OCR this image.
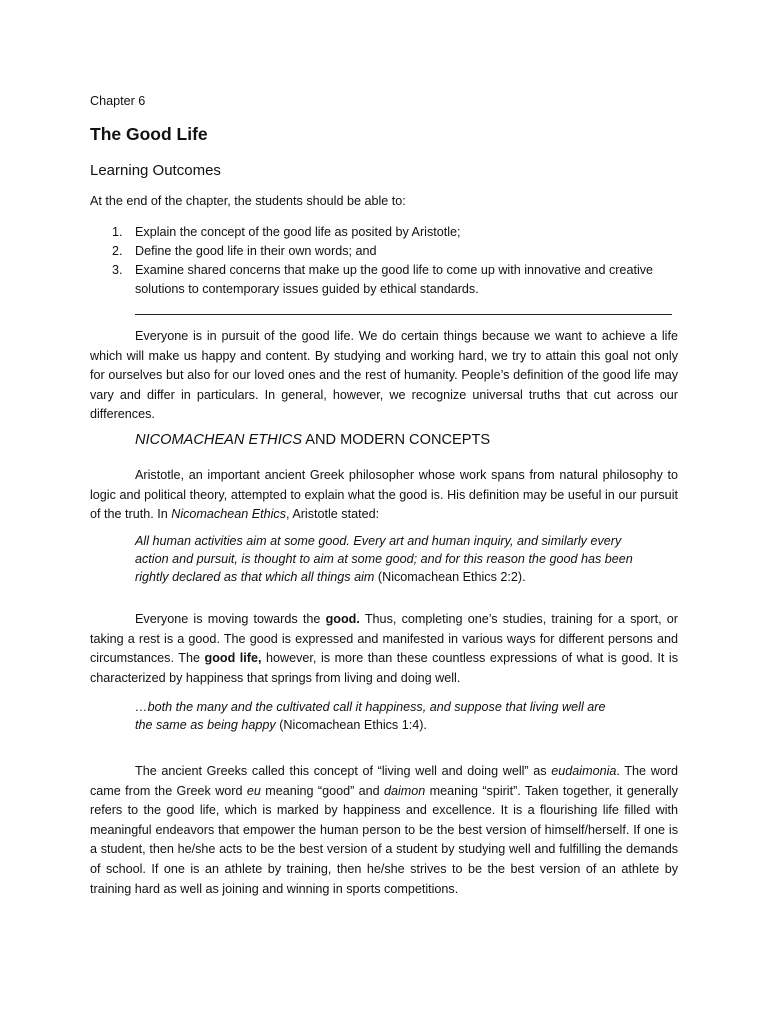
Chapter 6
The Good Life
Learning Outcomes

At the end of the chapter, the students should be able to:

1. Explain the concept of the good life as posited by Aristotle;
2. Define the good life in their own words; and
3. Examine shared concerns that make up the good life to come up with innovative and creative solutions to contemporary issues guided by ethical standards.

Everyone is in pursuit of the good life. We do certain things because we want to achieve a life which will make us happy and content. By studying and working hard, we try to attain this goal not only for ourselves but also for our loved ones and the rest of humanity. People’s definition of the good life may vary and differ in particulars. In general, however, we recognize universal truths that cut across our differences.

NICOMACHEAN ETHICS AND MODERN CONCEPTS

Aristotle, an important ancient Greek philosopher whose work spans from natural philosophy to logic and political theory, attempted to explain what the good is. His definition may be useful in our pursuit of the truth. In Nicomachean Ethics, Aristotle stated:

All human activities aim at some good. Every art and human inquiry, and similarly every action and pursuit, is thought to aim at some good; and for this reason the good has been rightly declared as that which all things aim (Nicomachean Ethics 2:2).

Everyone is moving towards the good. Thus, completing one’s studies, training for a sport, or taking a rest is a good. The good is expressed and manifested in various ways for different persons and circumstances. The good life, however, is more than these countless expressions of what is good. It is characterized by happiness that springs from living and doing well.

…both the many and the cultivated call it happiness, and suppose that living well are the same as being happy (Nicomachean Ethics 1:4).

The ancient Greeks called this concept of “living well and doing well” as eudaimonia. The word came from the Greek word eu meaning “good” and daimon meaning “spirit”. Taken together, it generally refers to the good life, which is marked by happiness and excellence. It is a flourishing life filled with meaningful endeavors that empower the human person to be the best version of himself/herself. If one is a student, then he/she acts to be the best version of a student by studying well and fulfilling the demands of school. If one is an athlete by training, then he/she strives to be the best version of an athlete by training hard as well as joining and winning in sports competitions.
